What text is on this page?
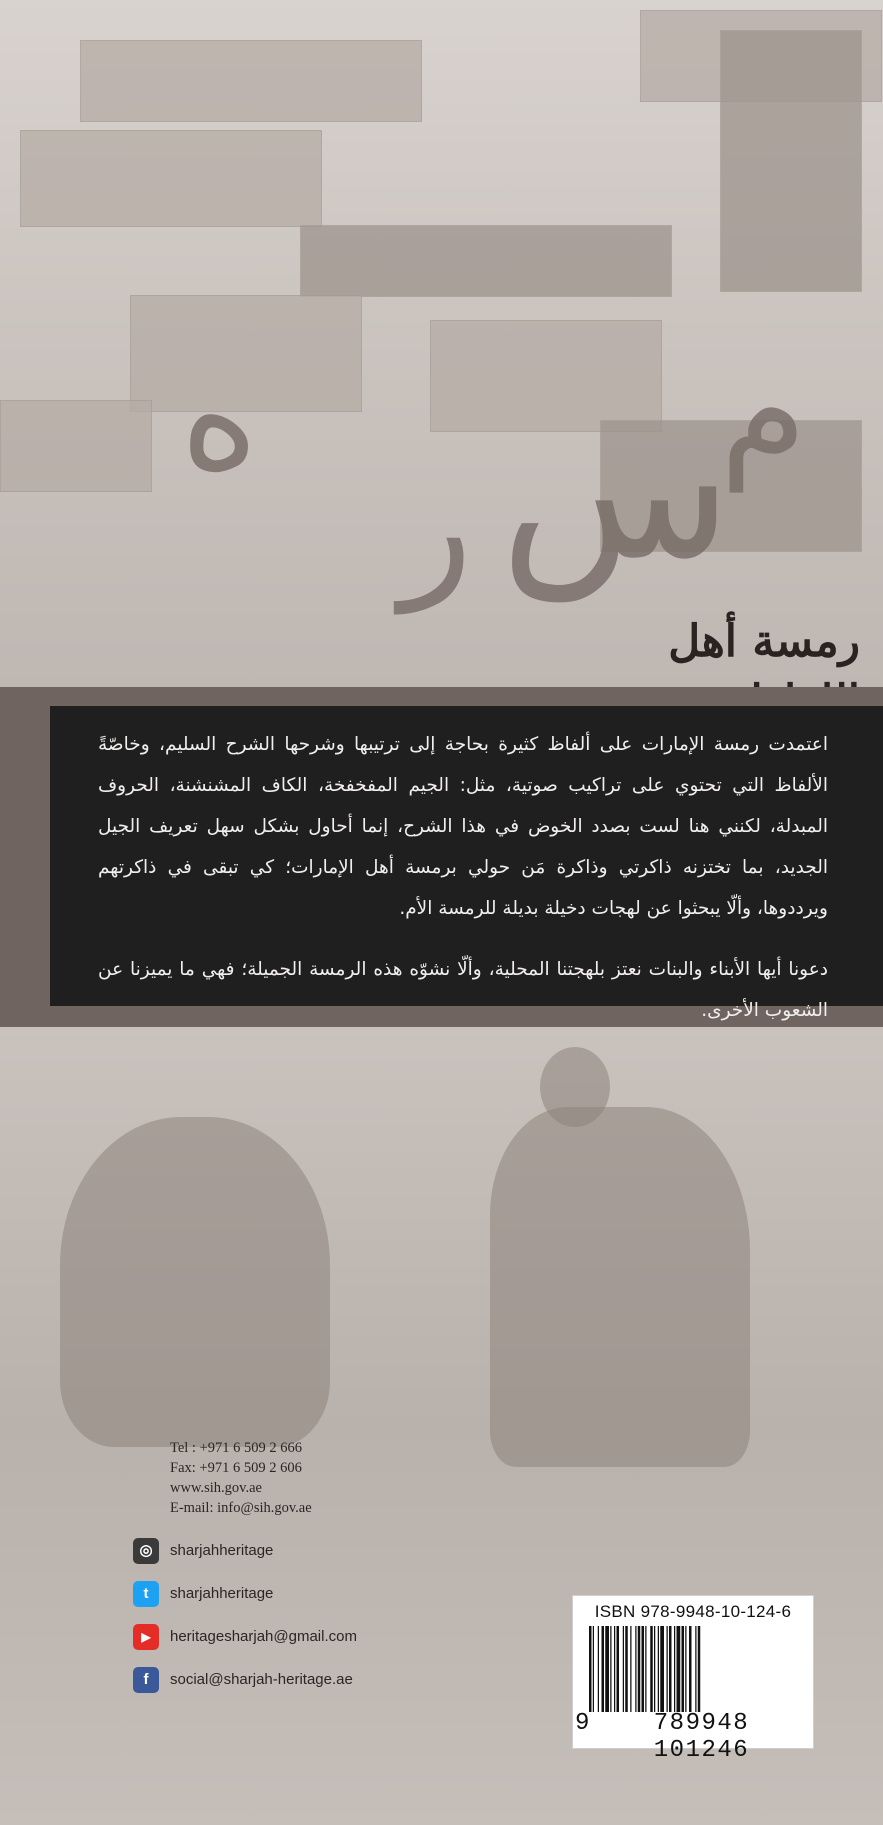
م
س
ر
ه
رمسة أهل

اعتمدت رمسة الإمارات على ألفاظ كثيرة بحاجة إلى ترتيبها وشرحها الشرح السليم، وخاصّةً الألفاظ التي تحتوي على تراكيب صوتية، مثل: الجيم المفخفخة، الكاف المشنشنة، الحروف المبدلة، لكنني هنا لست بصدد الخوض في هذا الشرح، إنما أحاول بشكل سهل تعريف الجيل الجديد، بما تختزنه ذاكرتي وذاكرة مَن حولي برمسة أهل الإمارات؛ كي تبقى في ذاكرتهم ويرددوها، وألّا يبحثوا عن لهجات دخيلة بديلة للرمسة الأم.

دعونا أيها الأبناء والبنات نعتز بلهجتنا المحلية، وألّا نشوّه هذه الرمسة الجميلة؛ فهي ما يميزنا عن الشعوب الأخرى.

Tel : +971 6 509 2 666
Fax: +971 6 509 2 606
www.sih.gov.ae
E-mail: info@sih.gov.ae
◎	sharjahheritage
t	sharjahheritage
▶	heritagesharjah@gmail.com
f	social@sharjah-heritage.ae
ISBN 978-9948-10-124-6
9	789948 101246
